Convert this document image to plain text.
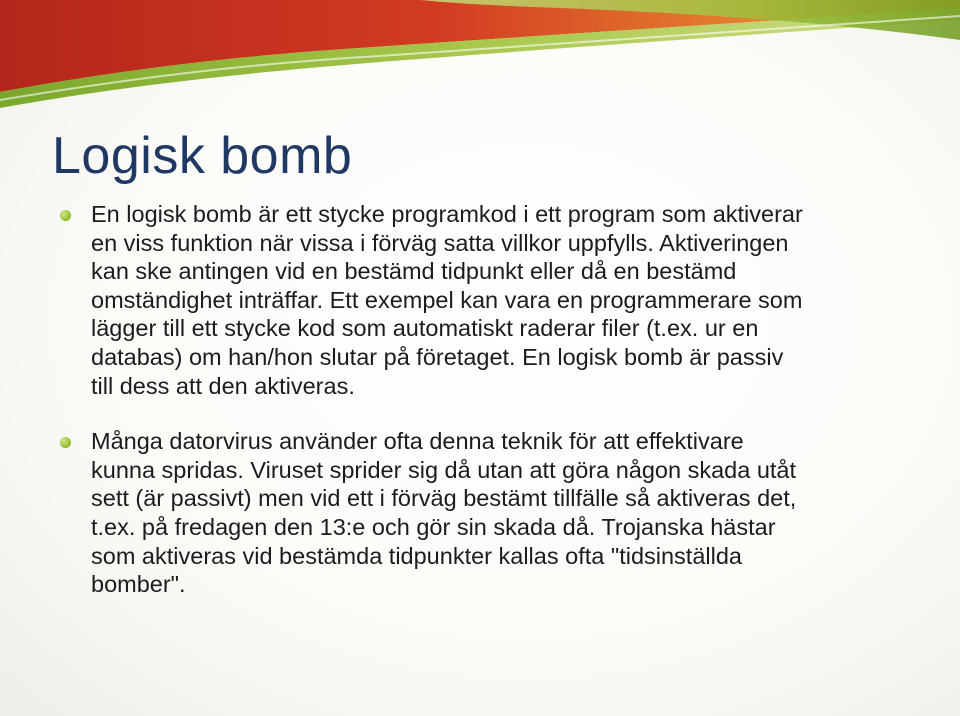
Logisk bomb
En logisk bomb är ett stycke programkod i ett program som aktiverar
en viss funktion när vissa i förväg satta villkor uppfylls. Aktiveringen
kan ske antingen vid en bestämd tidpunkt eller då en bestämd
omständighet inträffar. Ett exempel kan vara en programmerare som
lägger till ett stycke kod som automatiskt raderar filer (t.ex. ur en
databas) om han/hon slutar på företaget. En logisk bomb är passiv
till dess att den aktiveras.
Många datorvirus använder ofta denna teknik för att effektivare
kunna spridas. Viruset sprider sig då utan att göra någon skada utåt
sett (är passivt) men vid ett i förväg bestämt tillfälle så aktiveras det,
t.ex. på fredagen den 13:e och gör sin skada då. Trojanska hästar
som aktiveras vid bestämda tidpunkter kallas ofta "tidsinställda
bomber".
